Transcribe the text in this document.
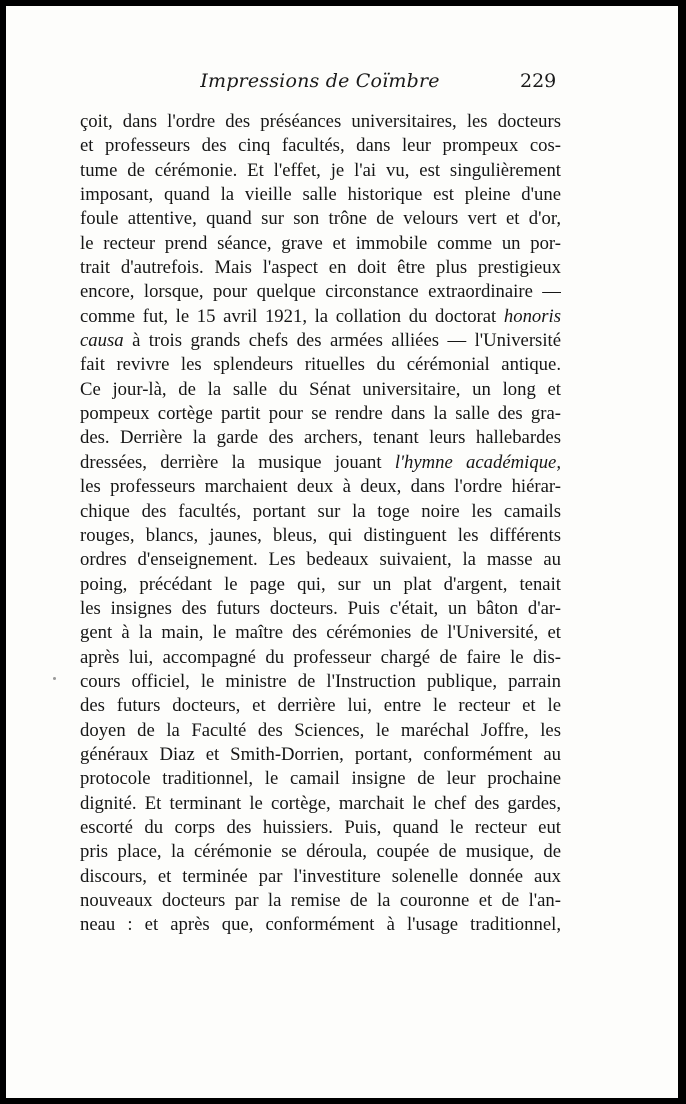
Impressions de Coïmbre	229
çoit, dans l'ordre des préséances universitaires, les docteurs
et professeurs des cinq facultés, dans leur prompeux cos-
tume de cérémonie. Et l'effet, je l'ai vu, est singulièrement
imposant, quand la vieille salle historique est pleine d'une
foule attentive, quand sur son trône de velours vert et d'or,
le recteur prend séance, grave et immobile comme un por-
trait d'autrefois. Mais l'aspect en doit être plus prestigieux
encore, lorsque, pour quelque circonstance extraordinaire —
comme fut, le 15 avril 1921, la collation du doctorat honoris
causa à trois grands chefs des armées alliées — l'Université
fait revivre les splendeurs rituelles du cérémonial antique.
Ce jour-là, de la salle du Sénat universitaire, un long et
pompeux cortège partit pour se rendre dans la salle des gra-
des. Derrière la garde des archers, tenant leurs hallebardes
dressées, derrière la musique jouant l'hymne académique,
les professeurs marchaient deux à deux, dans l'ordre hiérar-
chique des facultés, portant sur la toge noire les camails
rouges, blancs, jaunes, bleus, qui distinguent les différents
ordres d'enseignement. Les bedeaux suivaient, la masse au
poing, précédant le page qui, sur un plat d'argent, tenait
les insignes des futurs docteurs. Puis c'était, un bâton d'ar-
gent à la main, le maître des cérémonies de l'Université, et
après lui, accompagné du professeur chargé de faire le dis-
cours officiel, le ministre de l'Instruction publique, parrain
des futurs docteurs, et derrière lui, entre le recteur et le
doyen de la Faculté des Sciences, le maréchal Joffre, les
généraux Diaz et Smith-Dorrien, portant, conformément au
protocole traditionnel, le camail insigne de leur prochaine
dignité. Et terminant le cortège, marchait le chef des gardes,
escorté du corps des huissiers. Puis, quand le recteur eut
pris place, la cérémonie se déroula, coupée de musique, de
discours, et terminée par l'investiture solenelle donnée aux
nouveaux docteurs par la remise de la couronne et de l'an-
neau : et après que, conformément à l'usage traditionnel,
